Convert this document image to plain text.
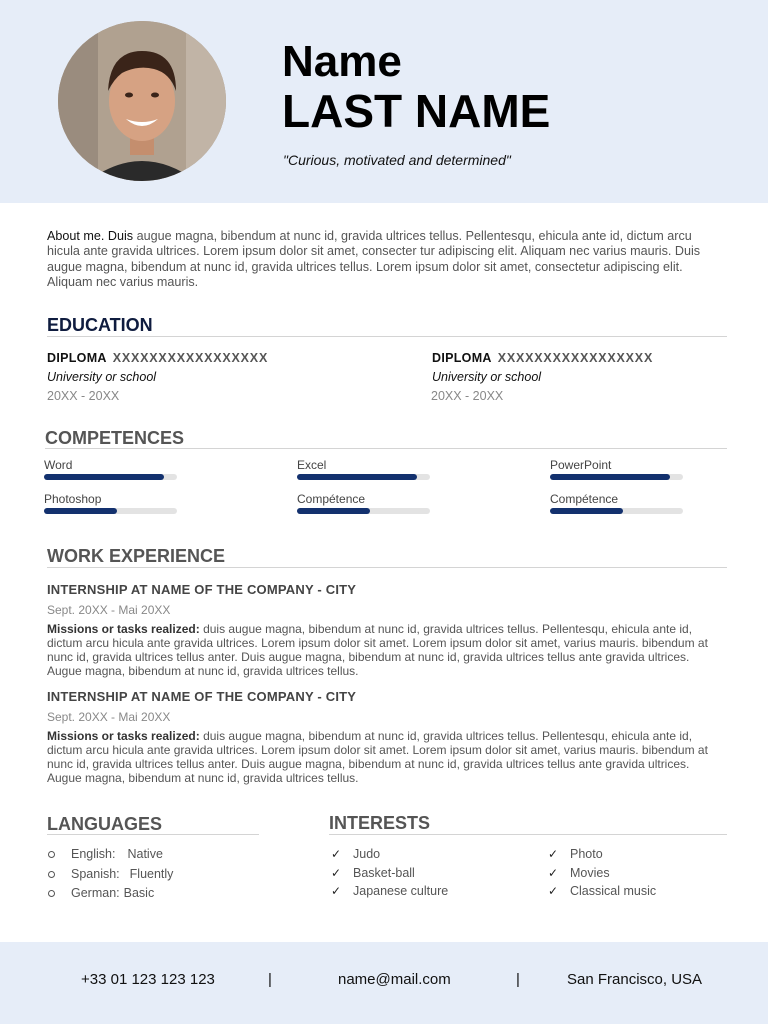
Name
LAST NAME
"Curious, motivated and determined"
About me. Duis augue magna, bibendum at nunc id, gravida ultrices tellus. Pellentesqu, ehicula ante id, dictum arcu hicula ante gravida ultrices. Lorem ipsum dolor sit amet, consecter tur adipiscing elit. Aliquam nec varius mauris. Duis augue magna, bibendum at nunc id, gravida ultrices tellus. Lorem ipsum dolor sit amet, consectetur adipiscing elit. Aliquam nec varius mauris.
EDUCATION
DIPLOMA XXXXXXXXXXXXXXXXX
University or school
20XX - 20XX
DIPLOMA XXXXXXXXXXXXXXXXX
University or school
20XX - 20XX
COMPETENCES
Word	Excel	PowerPoint
Photoshop	Compétence	Compétence
WORK EXPERIENCE
INTERNSHIP AT NAME OF THE COMPANY - CITY
Sept. 20XX - Mai 20XX
Missions or tasks realized: duis augue magna, bibendum at nunc id, gravida ultrices tellus. Pellentesqu, ehicula ante id, dictum arcu hicula ante gravida ultrices. Lorem ipsum dolor sit amet. Lorem ipsum dolor sit amet, varius mauris. bibendum at nunc id, gravida ultrices tellus anter. Duis augue magna, bibendum at nunc id, gravida ultrices tellus ante gravida ultrices. Augue magna, bibendum at nunc id, gravida ultrices tellus.
INTERNSHIP AT NAME OF THE COMPANY - CITY
Sept. 20XX - Mai 20XX
Missions or tasks realized: duis augue magna, bibendum at nunc id, gravida ultrices tellus. Pellentesqu, ehicula ante id, dictum arcu hicula ante gravida ultrices. Lorem ipsum dolor sit amet. Lorem ipsum dolor sit amet, varius mauris. bibendum at nunc id, gravida ultrices tellus anter. Duis augue magna, bibendum at nunc id, gravida ultrices tellus ante gravida ultrices. Augue magna, bibendum at nunc id, gravida ultrices tellus.
LANGUAGES
English: Native
Spanish: Fluently
German: Basic
INTERESTS
✓ Judo
✓ Basket-ball
✓ Japanese culture
✓ Photo
✓ Movies
✓ Classical music
+33 01 123 123 123	|	name@mail.com	|	San Francisco, USA
